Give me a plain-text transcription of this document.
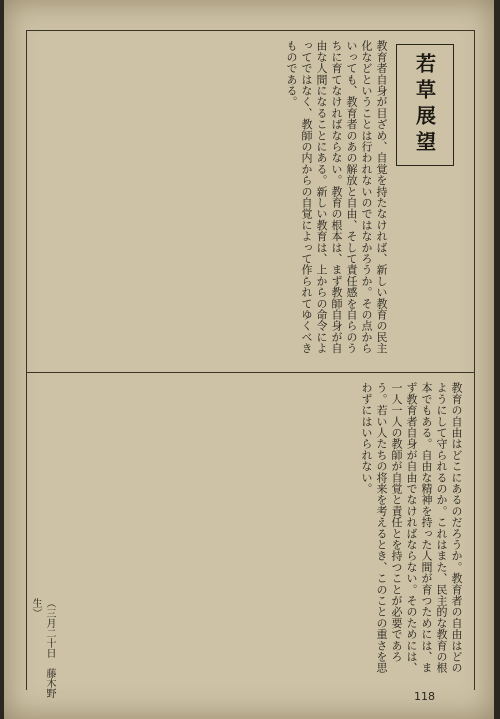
若草展望
教育者自身が目ざめ、自覚を持たなければ、新しい教育の民主化などということは行われないのではなかろうか。その点からいっても、教育者のあの解放と自由、そして責任感を自らのうちに育てなければならない。教育の根本は、まず教師自身が自由な人間になることにある。新しい教育は、上からの命令によってではなく、教師の内からの自覚によって作られてゆくべきものである。
教育の自由はどこにあるのだろうか。教育者の自由はどのようにして守られるのか。これはまた、民主的な教育の根本でもある。自由な精神を持った人間が育つためには、まず教育者自身が自由でなければならない。そのためには、一人一人の教師が自覚と責任とを持つことが必要であろう。若い人たちの将来を考えるとき、このことの重さを思わずにはいられない。
（三月二十日　藤木野生）
118
